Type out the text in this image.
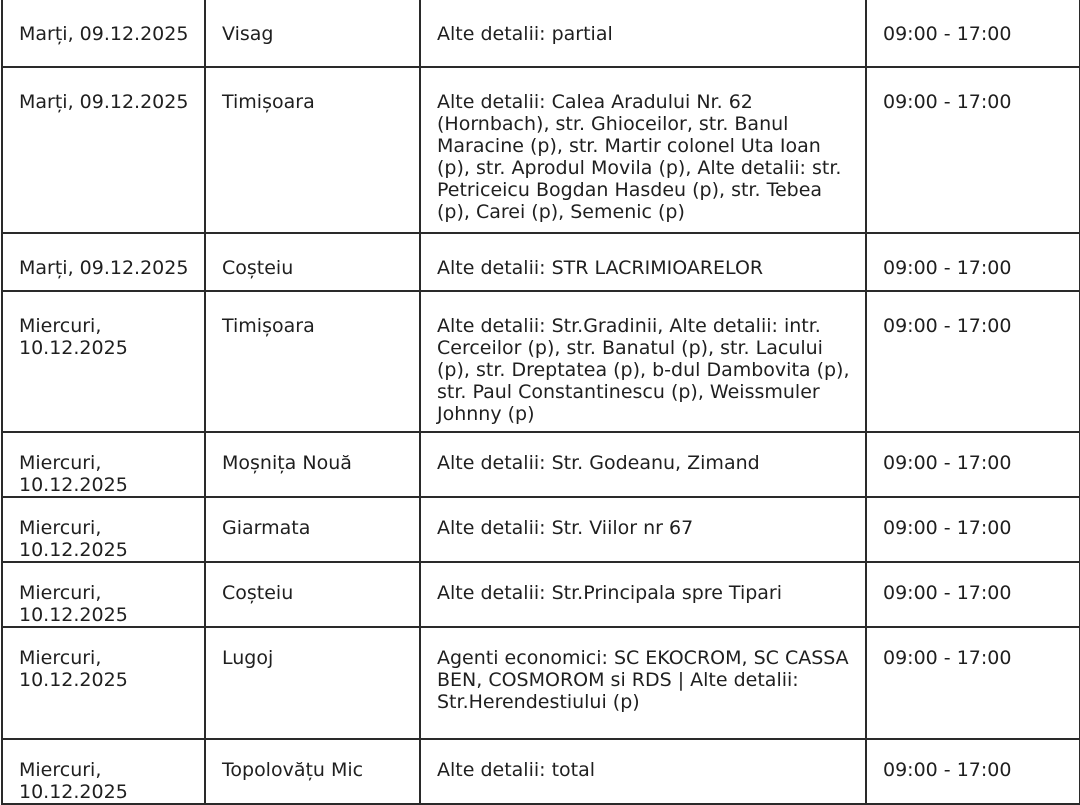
Marți, 09.12.2025	Visag	Alte detalii: partial	09:00 - 17:00
Marți, 09.12.2025	Timișoara	Alte detalii: Calea Aradului Nr. 62 (Hornbach), str. Ghioceilor, str. Banul Maracine (p), str. Martir colonel Uta Ioan (p), str. Aprodul Movila (p), Alte detalii: str. Petriceicu Bogdan Hasdeu (p), str. Tebea (p), Carei (p), Semenic (p)	09:00 - 17:00
Marți, 09.12.2025	Coșteiu	Alte detalii: STR LACRIMIOARELOR	09:00 - 17:00
Miercuri, 10.12.2025	Timișoara	Alte detalii: Str.Gradinii, Alte detalii: intr. Cerceilor (p), str. Banatul (p), str. Lacului (p), str. Dreptatea (p), b-dul Dambovita (p), str. Paul Constantinescu (p), Weissmuler Johnny (p)	09:00 - 17:00
Miercuri, 10.12.2025	Moșnița Nouă	Alte detalii: Str. Godeanu, Zimand	09:00 - 17:00
Miercuri, 10.12.2025	Giarmata	Alte detalii: Str. Viilor nr 67	09:00 - 17:00
Miercuri, 10.12.2025	Coșteiu	Alte detalii: Str.Principala spre Tipari	09:00 - 17:00
Miercuri, 10.12.2025	Lugoj	Agenti economici: SC EKOCROM, SC CASSA BEN, COSMOROM si RDS | Alte detalii: Str.Herendestiului (p)	09:00 - 17:00
Miercuri, 10.12.2025	Topolovățu Mic	Alte detalii: total	09:00 - 17:00
